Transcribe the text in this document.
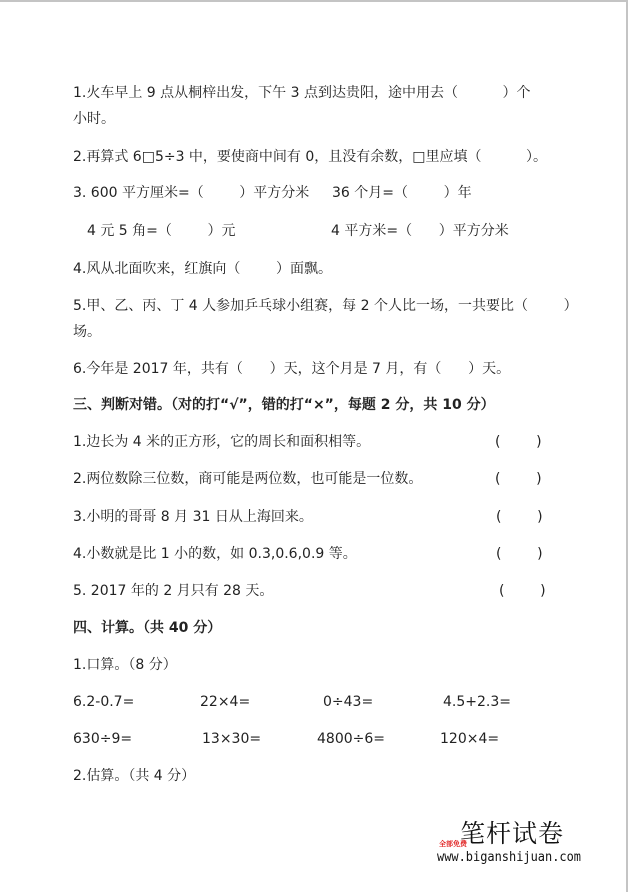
1.火车早上 9 点从桐梓出发，下午 3 点到达贵阳，途中用去（          ）个
小时。
2.再算式 6□5÷3 中，要使商中间有 0，且没有余数，□里应填（          ）。
3. 600 平方厘米=（        ）平方分米 36 个月=（        ）年
4 元 5 角=（        ）元	4 平方米=（      ）平方分米
4.风从北面吹来，红旗向（        ）面飘。
5.甲、乙、丙、丁 4 人参加乒乓球小组赛，每 2 个人比一场，一共要比（        ）
场。
6.今年是 2017 年，共有（      ）天，这个月是 7 月，有（      ）天。
三、判断对错。（对的打“√”，错的打“×”，每题 2 分，共 10 分）
1.边长为 4 米的正方形，它的周长和面积相等。	(        )
2.两位数除三位数，商可能是两位数，也可能是一位数。	(        )
3.小明的哥哥 8 月 31 日从上海回来。	(        )
4.小数就是比 1 小的数，如 0.3,0.6,0.9 等。	(        )
5. 2017 年的 2 月只有 28 天。	(        )
四、计算。（共 40 分）
1.口算。（8 分）
6.2-0.7=	22×4=	0÷43=	4.5+2.3=
630÷9=	13×30=	4800÷6=	120×4=
2.估算。（共 4 分）
笔杆试卷
全部免费
www.biganshijuan.com
